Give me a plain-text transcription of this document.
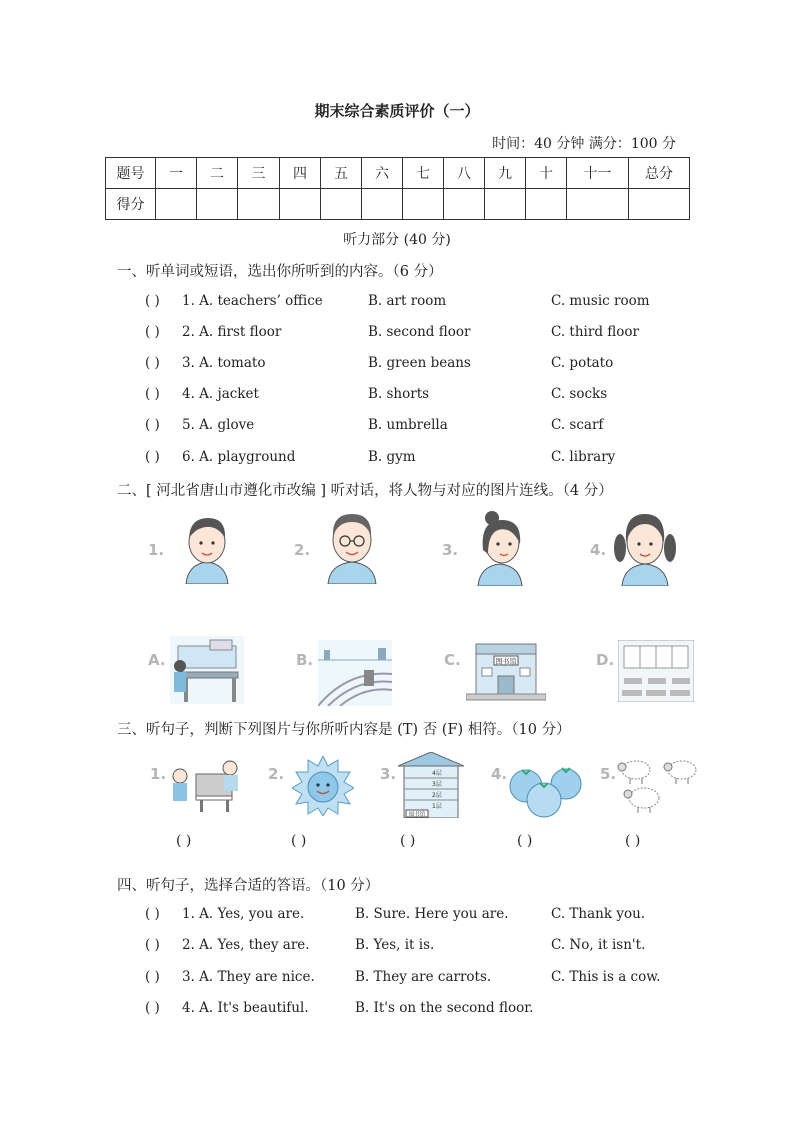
期末综合素质评价（一）
时间：40 分钟 满分：100 分
题号	一	二	三	四	五	六	七	八	九	十	十一	总分
得分												
听力部分 (40 分)
一、听单词或短语，选出你所听到的内容。（6 分）
( ) 1. A. teachers’ office	B. art room	C. music room
( ) 2. A. first floor	B. second floor	C. third floor
( ) 3. A. tomato	B. green beans	C. potato
( ) 4. A. jacket	B. shorts	C. socks
( ) 5. A. glove	B. umbrella	C. scarf
( ) 6. A. playground	B. gym	C. library
二、[ 河北省唐山市遵化市改编 ] 听对话，将人物与对应的图片连线。（4 分）
1.	2.	3.	4.
A.	B.	C.	图书馆	D.
三、听句子，判断下列图片与你所听内容是 (T) 否 (F) 相符。（10 分）
1.	2.	3.	4层
3层
2层
1层
图书馆
4.	5.
( )	( )	( )	( )	( )
四、听句子，选择合适的答语。（10 分）
( ) 1. A. Yes, you are.	B. Sure. Here you are.	C. Thank you.
( ) 2. A. Yes, they are.	B. Yes, it is.	C. No, it isn't.
( ) 3. A. They are nice.	B. They are carrots.	C. This is a cow.
( ) 4. A. It's beautiful.	B. It's on the second floor.
